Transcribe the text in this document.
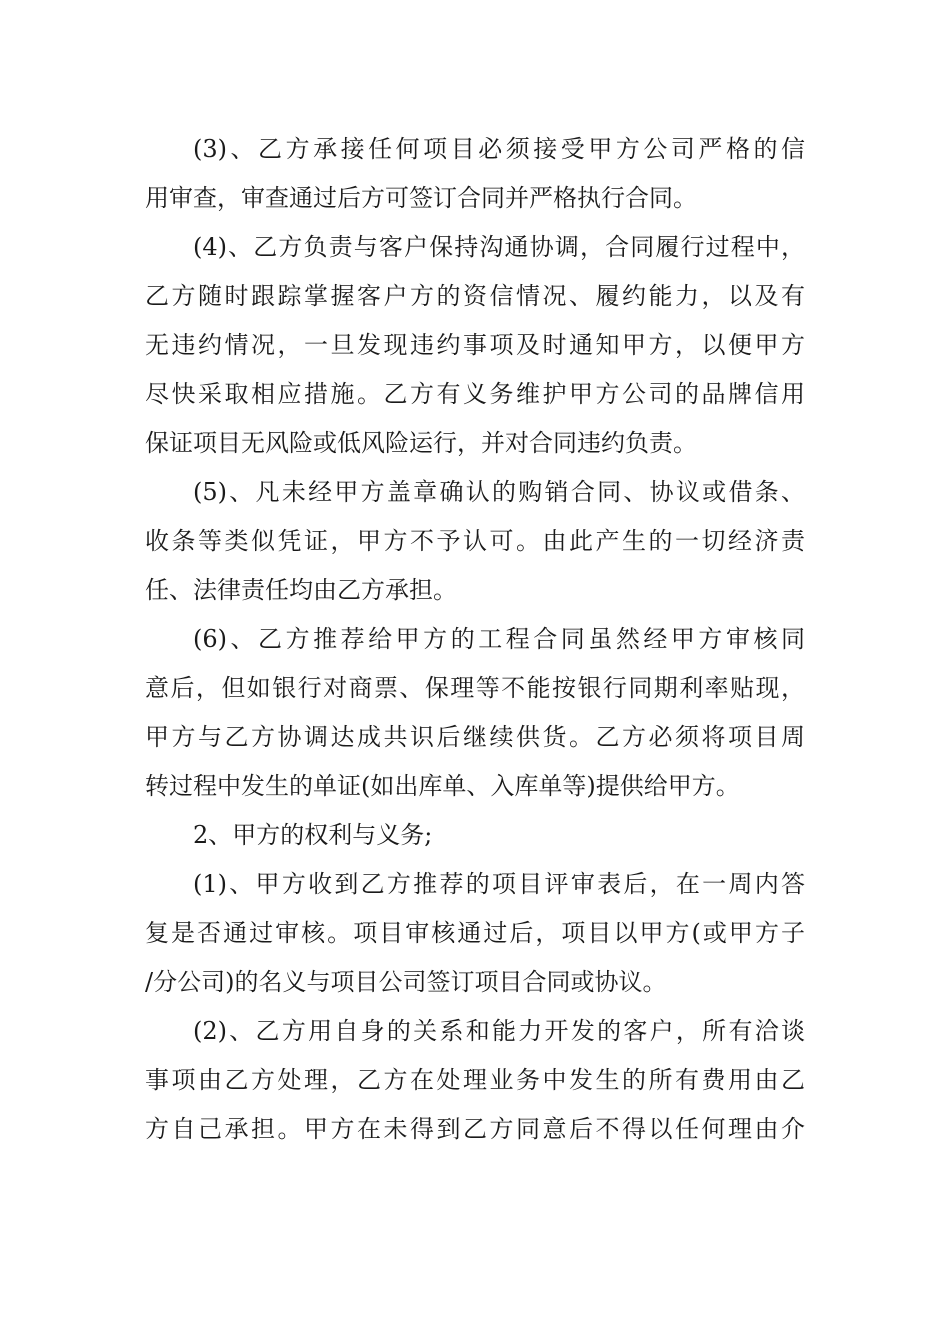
(3)、乙方承接任何项目必须接受甲方公司严格的信
用审查，审查通过后方可签订合同并严格执行合同。
(4)、乙方负责与客户保持沟通协调，合同履行过程中，
乙方随时跟踪掌握客户方的资信情况、履约能力，以及有
无违约情况，一旦发现违约事项及时通知甲方，以便甲方
尽快采取相应措施。乙方有义务维护甲方公司的品牌信用
保证项目无风险或低风险运行，并对合同违约负责。
(5)、凡未经甲方盖章确认的购销合同、协议或借条、
收条等类似凭证，甲方不予认可。由此产生的一切经济责
任、法律责任均由乙方承担。
(6)、乙方推荐给甲方的工程合同虽然经甲方审核同
意后，但如银行对商票、保理等不能按银行同期利率贴现，
甲方与乙方协调达成共识后继续供货。乙方必须将项目周
转过程中发生的单证(如出库单、入库单等)提供给甲方。
2、甲方的权利与义务;
(1)、甲方收到乙方推荐的项目评审表后，在一周内答
复是否通过审核。项目审核通过后，项目以甲方(或甲方子
/分公司)的名义与项目公司签订项目合同或协议。
(2)、乙方用自身的关系和能力开发的客户，所有洽谈
事项由乙方处理，乙方在处理业务中发生的所有费用由乙
方自己承担。甲方在未得到乙方同意后不得以任何理由介
